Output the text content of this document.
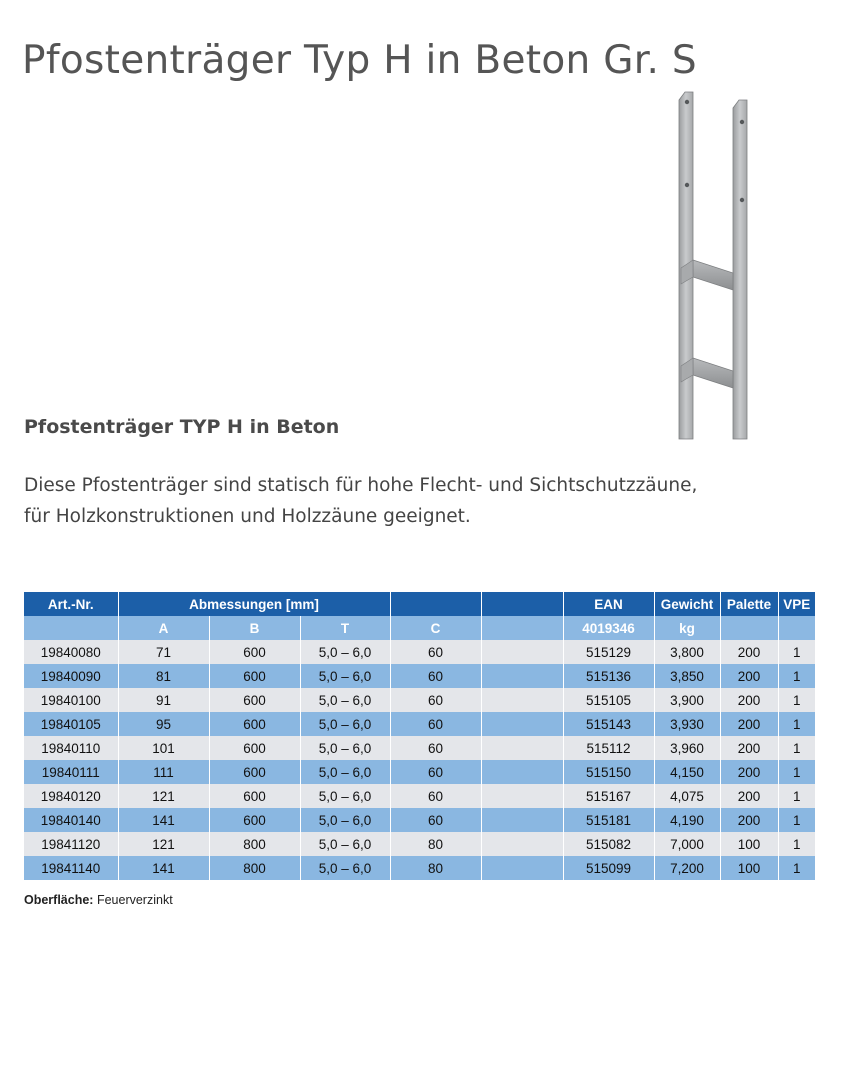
Pfostenträger Typ H in Beton Gr. S
Pfostenträger TYP H in Beton

Diese Pfostenträger sind statisch für hohe Flecht- und Sichtschutzzäune,

für Holzkonstruktionen und Holzzäune geeignet.

Art.-Nr.	Abmessungen [mm]					EAN	Gewicht	Palette	VPE
	A	B	T	C		4019346	kg		
19840080	71	600	5,0 – 6,0	60		515129	3,800	200	1
19840090	81	600	5,0 – 6,0	60		515136	3,850	200	1
19840100	91	600	5,0 – 6,0	60		515105	3,900	200	1
19840105	95	600	5,0 – 6,0	60		515143	3,930	200	1
19840110	101	600	5,0 – 6,0	60		515112	3,960	200	1
19840111	111	600	5,0 – 6,0	60		515150	4,150	200	1
19840120	121	600	5,0 – 6,0	60		515167	4,075	200	1
19840140	141	600	5,0 – 6,0	60		515181	4,190	200	1
19841120	121	800	5,0 – 6,0	80		515082	7,000	100	1
19841140	141	800	5,0 – 6,0	80		515099	7,200	100	1
Oberfläche: Feuerverzinkt
